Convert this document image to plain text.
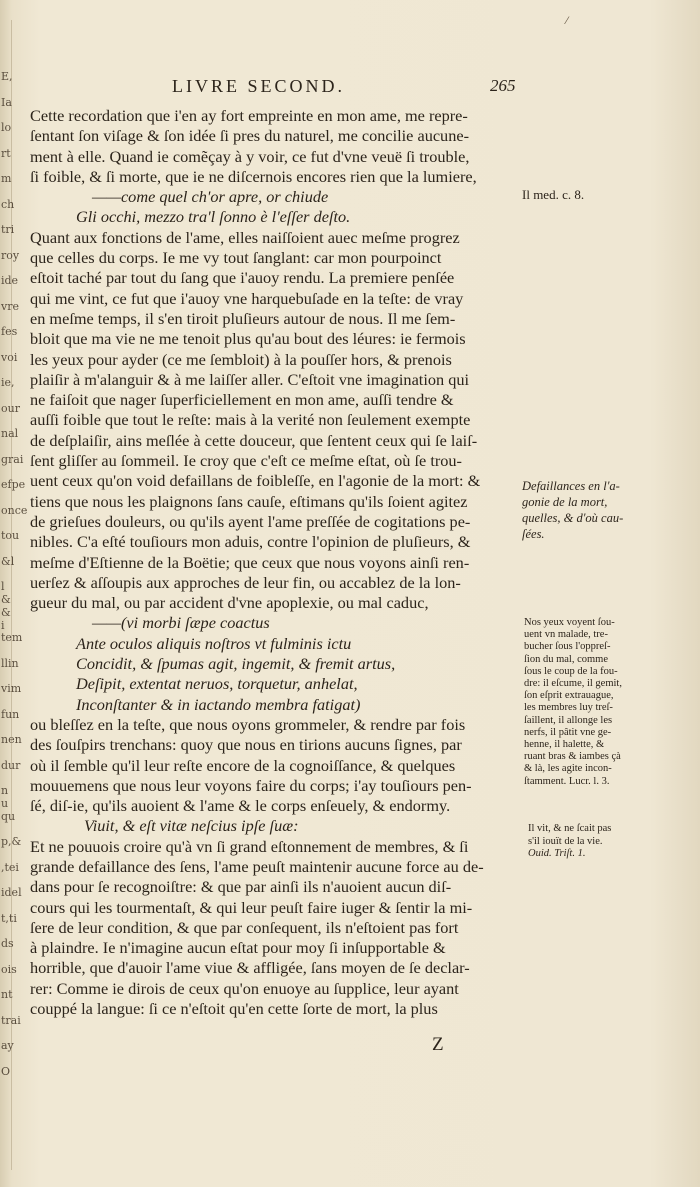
E,
Ia
lo
rt
m
ch
tri
roy
ide
vre
fes
voi
ie,
our
nal
grai
efpe
once
tou
&l
l &
& i
tem
llin
vim
fun
nen
dur
n u
qu
p,&
,tei
idel
t,ti
ds
ois
nt
trai
ay
O
⁄
LIVRE SECOND.	265
Cette recordation que i'en ay fort empreinte en mon ame, me repre-
ſentant ſon viſage & ſon idée ſi pres du naturel, me concilie aucune-
ment à elle. Quand ie comẽçay à y voir, ce fut d'vne veuë ſi trouble,
ſi foible, & ſi morte, que ie ne diſcernois encores rien que la lumiere,
——come quel ch'or apre, or chiude
Gli occhi, mezzo tra'l ſonno è l'eſſer deſto.
Quant aux fonctions de l'ame, elles naiſſoient auec meſme progrez
que celles du corps. Ie me vy tout ſanglant: car mon pourpoinct
eſtoit taché par tout du ſang que i'auoy rendu. La premiere penſée
qui me vint, ce fut que i'auoy vne harquebuſade en la teſte: de vray
en meſme temps, il s'en tiroit pluſieurs autour de nous. Il me ſem-
bloit que ma vie ne me tenoit plus qu'au bout des léures: ie fermois
les yeux pour ayder (ce me ſembloit) à la pouſſer hors, & prenois
plaiſir à m'alanguir & à me laiſſer aller. C'eſtoit vne imagination qui
ne faiſoit que nager ſuperficiellement en mon ame, auſſi tendre &
auſſi foible que tout le reſte: mais à la verité non ſeulement exempte
de deſplaiſir, ains meſlée à cette douceur, que ſentent ceux qui ſe laiſ-
ſent gliſſer au ſommeil. Ie croy que c'eſt ce meſme eſtat, où ſe trou-
uent ceux qu'on void defaillans de foibleſſe, en l'agonie de la mort: &
tiens que nous les plaignons ſans cauſe, eſtimans qu'ils ſoient agitez
de grieſues douleurs, ou qu'ils ayent l'ame preſſée de cogitations pe-
nibles. C'a eſté touſiours mon aduis, contre l'opinion de pluſieurs, &
meſme d'Eſtienne de la Boëtie; que ceux que nous voyons ainſi ren-
uerſez & aſſoupis aux approches de leur fin, ou accablez de la lon-
gueur du mal, ou par accident d'vne apoplexie, ou mal caduc,
——(vi morbi ſæpe coactus
Ante oculos aliquis noſtros vt fulminis ictu
Concidit, & ſpumas agit, ingemit, & fremit artus,
Deſipit, extentat neruos, torquetur, anhelat,
Inconſtanter & in iactando membra fatigat)
ou bleſſez en la teſte, que nous oyons grommeler, & rendre par fois
des ſouſpirs trenchans: quoy que nous en tirions aucuns ſignes, par
où il ſemble qu'il leur reſte encore de la cognoiſſance, & quelques
mouuemens que nous leur voyons faire du corps; i'ay touſiours pen-
ſé, diſ-ie, qu'ils auoient & l'ame & le corps enſeuely, & endormy.
Viuit, & eſt vitæ neſcius ipſe ſuæ:
Et ne pouuois croire qu'à vn ſi grand eſtonnement de membres, & ſi
grande defaillance des ſens, l'ame peuſt maintenir aucune force au de-
dans pour ſe recognoiſtre: & que par ainſi ils n'auoient aucun diſ-
cours qui les tourmentaſt, & qui leur peuſt faire iuger & ſentir la mi-
ſere de leur condition, & que par conſequent, ils n'eſtoient pas fort
à plaindre. Ie n'imagine aucun eſtat pour moy ſi inſupportable &
horrible, que d'auoir l'ame viue & affligée, ſans moyen de ſe declar-
rer: Comme ie dirois de ceux qu'on enuoye au ſupplice, leur ayant
couppé la langue: ſi ce n'eſtoit qu'en cette ſorte de mort, la plus
Z
Il med. c. 8.
Defaillances en l'a-
gonie de la mort,
quelles, & d'où cau-
ſées.
Nos yeux voyent ſou-
uent vn malade, tre-
bucher ſous l'oppreſ-
ſion du mal, comme
ſous le coup de la fou-
dre: il eſcume, il gemit,
ſon eſprit extrauague,
les membres luy treſ-
ſaillent, il allonge les
nerfs, il pâtit vne ge-
henne, il halette, &
ruant bras & iambes çà
& là, les agite incon-
ſtamment. Lucr. l. 3.
Il vit, & ne ſcait pas
s'il iouït de la vie.
Ouid. Triſt. 1.
